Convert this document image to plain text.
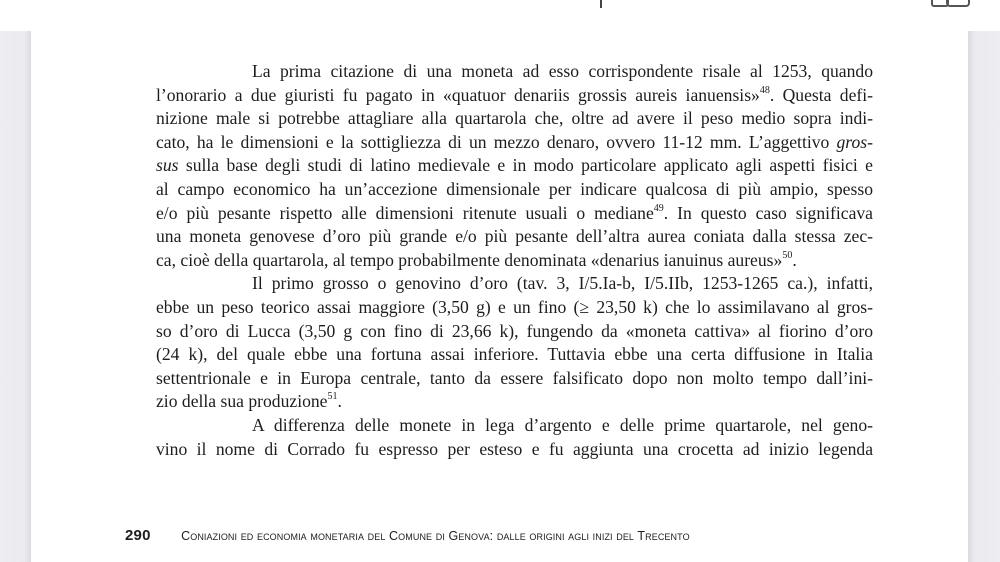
La prima citazione di una moneta ad esso corrispondente risale al 1253, quando
l’onorario a due giuristi fu pagato in «quatuor denariis grossis aureis ianuensis»$^{48}$. Questa defi-
nizione male si potrebbe attagliare alla quartarola che, oltre ad avere il peso medio sopra indi-
cato, ha le dimensioni e la sottigliezza di un mezzo denaro, ovvero 11-12 mm. L’aggettivo gros-
sus sulla base degli studi di latino medievale e in modo particolare applicato agli aspetti fisici e
al campo economico ha un’accezione dimensionale per indicare qualcosa di più ampio, spesso
e/o più pesante rispetto alle dimensioni ritenute usuali o mediane$^{49}$. In questo caso significava
una moneta genovese d’oro più grande e/o più pesante dell’altra aurea coniata dalla stessa zec-
ca, cioè della quartarola, al tempo probabilmente denominata «denarius ianuinus aureus»$^{50}$.
Il primo grosso o genovino d’oro (tav. 3, I/5.Ia-b, I/5.IIb, 1253-1265 ca.), infatti,
ebbe un peso teorico assai maggiore (3,50 g) e un fino (≥ 23,50 k) che lo assimilavano al gros-
so d’oro di Lucca (3,50 g con fino di 23,66 k), fungendo da «moneta cattiva» al fiorino d’oro
(24 k), del quale ebbe una fortuna assai inferiore. Tuttavia ebbe una certa diffusione in Italia
settentrionale e in Europa centrale, tanto da essere falsificato dopo non molto tempo dall’ini-
zio della sua produzione$^{51}$.
A differenza delle monete in lega d’argento e delle prime quartarole, nel geno-
vino il nome di Corrado fu espresso per esteso e fu aggiunta una crocetta ad inizio legenda
290 Coniazioni ed economia monetaria del Comune di Genova: dalle origini agli inizi del Trecento
